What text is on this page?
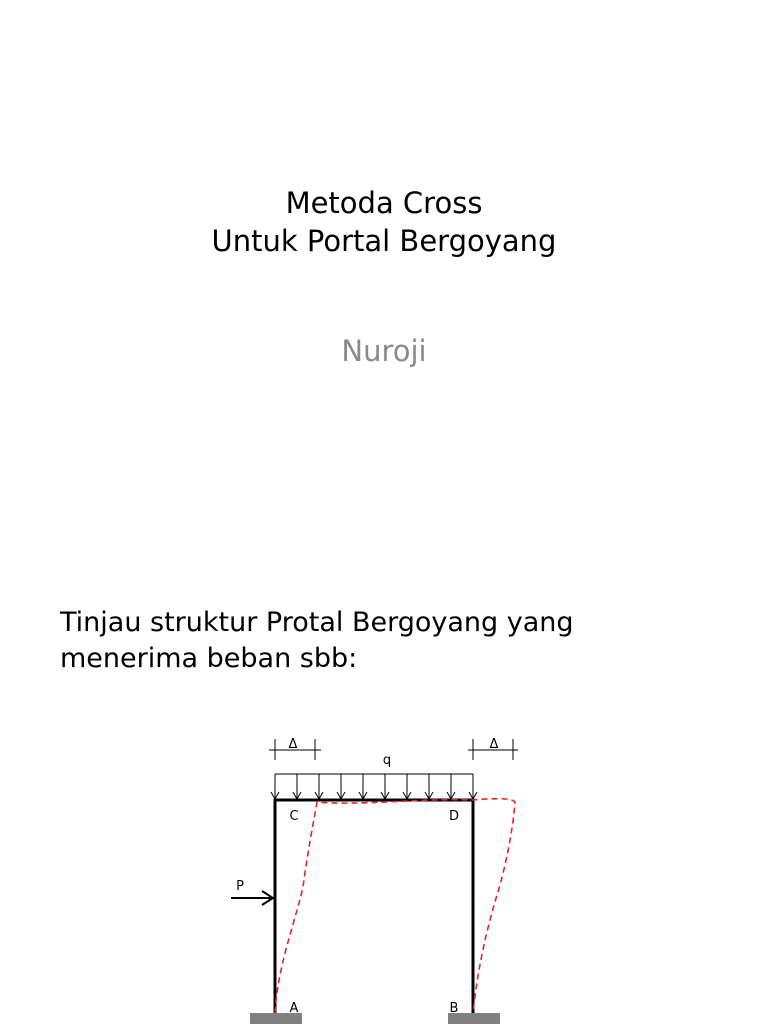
Metoda Cross
Untuk Portal Bergoyang
Nuroji
Tinjau struktur Protal Bergoyang yang
menerima beban sbb:
Δ	Δ
q
P
C	D
A	B
